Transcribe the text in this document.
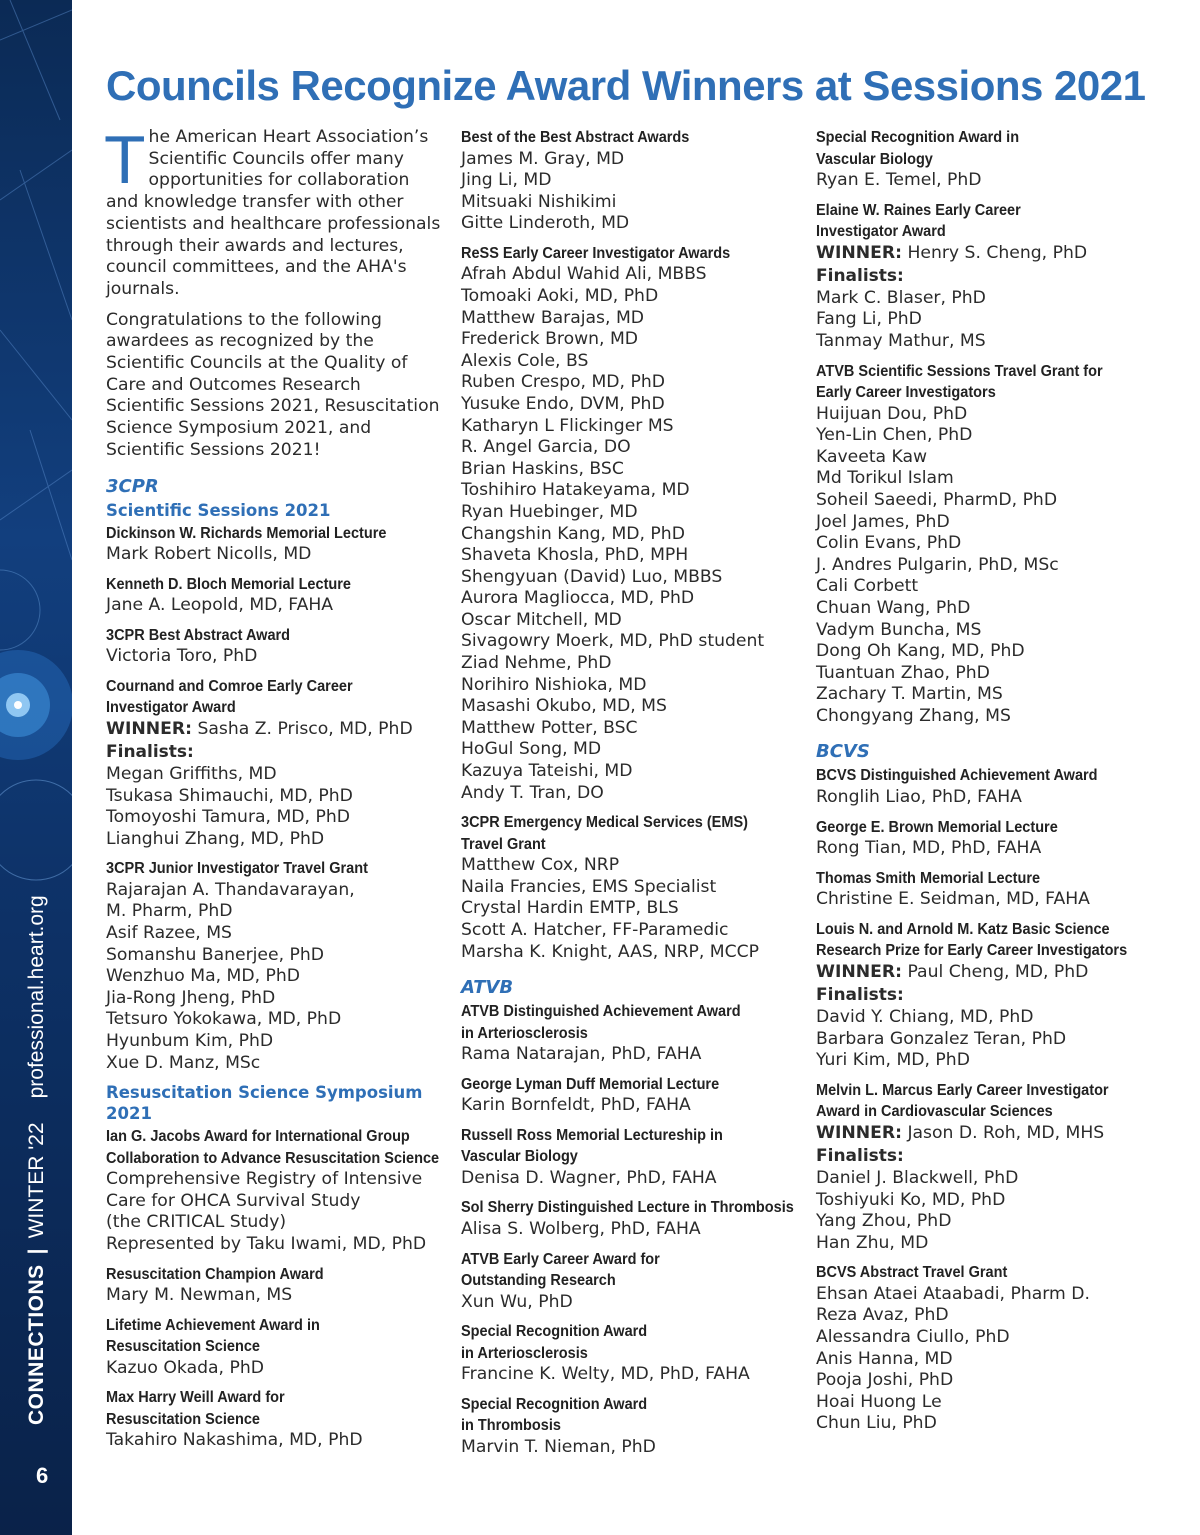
CONNECTIONS|WINTER '22professional.heart.org
6
Councils Recognize Award Winners at Sessions 2021

The American Heart Association’s Scientific Councils offer many opportunities for collaboration and knowledge transfer with other scientists and healthcare professionals through their awards and lectures, council committees, and the AHA's journals.

Congratulations to the following awardees as recognized by the Scientific Councils at the Quality of Care and Outcomes Research Scientific Sessions 2021, Resuscitation Science Symposium 2021, and Scientific Sessions 2021!

3CPR
Scientific Sessions 2021
Dickinson W. Richards Memorial Lecture
Mark Robert Nicolls, MD
Kenneth D. Bloch Memorial Lecture
Jane A. Leopold, MD, FAHA
3CPR Best Abstract Award
Victoria Toro, PhD
Cournand and Comroe Early Career
Investigator Award
WINNER: Sasha Z. Prisco, MD, PhD
Finalists:
Megan Griffiths, MD
Tsukasa Shimauchi, MD, PhD
Tomoyoshi Tamura, MD, PhD
Lianghui Zhang, MD, PhD
3CPR Junior Investigator Travel Grant
Rajarajan A. Thandavarayan,
M. Pharm, PhD
Asif Razee, MS
Somanshu Banerjee, PhD
Wenzhuo Ma, MD, PhD
Jia-Rong Jheng, PhD
Tetsuro Yokokawa, MD, PhD
Hyunbum Kim, PhD
Xue D. Manz, MSc
Resuscitation Science Symposium 2021
Ian G. Jacobs Award for International Group
Collaboration to Advance Resuscitation Science
Comprehensive Registry of Intensive
Care for OHCA Survival Study
(the CRITICAL Study)
Represented by Taku Iwami, MD, PhD
Resuscitation Champion Award
Mary M. Newman, MS
Lifetime Achievement Award in
Resuscitation Science
Kazuo Okada, PhD
Max Harry Weill Award for
Resuscitation Science
Takahiro Nakashima, MD, PhD
Best of the Best Abstract Awards
James M. Gray, MD
Jing Li, MD
Mitsuaki Nishikimi
Gitte Linderoth, MD
ReSS Early Career Investigator Awards
Afrah Abdul Wahid Ali, MBBS
Tomoaki Aoki, MD, PhD
Matthew Barajas, MD
Frederick Brown, MD
Alexis Cole, BS
Ruben Crespo, MD, PhD
Yusuke Endo, DVM, PhD
Katharyn L Flickinger MS
R. Angel Garcia, DO
Brian Haskins, BSC
Toshihiro Hatakeyama, MD
Ryan Huebinger, MD
Changshin Kang, MD, PhD
Shaveta Khosla, PhD, MPH
Shengyuan (David) Luo, MBBS
Aurora Magliocca, MD, PhD
Oscar Mitchell, MD
Sivagowry Moerk, MD, PhD student
Ziad Nehme, PhD
Norihiro Nishioka, MD
Masashi Okubo, MD, MS
Matthew Potter, BSC
HoGul Song, MD
Kazuya Tateishi, MD
Andy T. Tran, DO
3CPR Emergency Medical Services (EMS)
Travel Grant
Matthew Cox, NRP
Naila Francies, EMS Specialist
Crystal Hardin EMTP, BLS
Scott A. Hatcher, FF-Paramedic
Marsha K. Knight, AAS, NRP, MCCP
ATVB
ATVB Distinguished Achievement Award
in Arteriosclerosis
Rama Natarajan, PhD, FAHA
George Lyman Duff Memorial Lecture
Karin Bornfeldt, PhD, FAHA
Russell Ross Memorial Lectureship in
Vascular Biology
Denisa D. Wagner, PhD, FAHA
Sol Sherry Distinguished Lecture in Thrombosis
Alisa S. Wolberg, PhD, FAHA
ATVB Early Career Award for
Outstanding Research
Xun Wu, PhD
Special Recognition Award
in Arteriosclerosis
Francine K. Welty, MD, PhD, FAHA
Special Recognition Award
in Thrombosis
Marvin T. Nieman, PhD
Special Recognition Award in
Vascular Biology
Ryan E. Temel, PhD
Elaine W. Raines Early Career
Investigator Award
WINNER: Henry S. Cheng, PhD
Finalists:
Mark C. Blaser, PhD
Fang Li, PhD
Tanmay Mathur, MS
ATVB Scientific Sessions Travel Grant for
Early Career Investigators
Huijuan Dou, PhD
Yen-Lin Chen, PhD
Kaveeta Kaw
Md Torikul Islam
Soheil Saeedi, PharmD, PhD
Joel James, PhD
Colin Evans, PhD
J. Andres Pulgarin, PhD, MSc
Cali Corbett
Chuan Wang, PhD
Vadym Buncha, MS
Dong Oh Kang, MD, PhD
Tuantuan Zhao, PhD
Zachary T. Martin, MS
Chongyang Zhang, MS
BCVS
BCVS Distinguished Achievement Award
Ronglih Liao, PhD, FAHA
George E. Brown Memorial Lecture
Rong Tian, MD, PhD, FAHA
Thomas Smith Memorial Lecture
Christine E. Seidman, MD, FAHA
Louis N. and Arnold M. Katz Basic Science
Research Prize for Early Career Investigators
WINNER: Paul Cheng, MD, PhD
Finalists:
David Y. Chiang, MD, PhD
Barbara Gonzalez Teran, PhD
Yuri Kim, MD, PhD
Melvin L. Marcus Early Career Investigator
Award in Cardiovascular Sciences
WINNER: Jason D. Roh, MD, MHS
Finalists:
Daniel J. Blackwell, PhD
Toshiyuki Ko, MD, PhD
Yang Zhou, PhD
Han Zhu, MD
BCVS Abstract Travel Grant
Ehsan Ataei Ataabadi, Pharm D.
Reza Avaz, PhD
Alessandra Ciullo, PhD
Anis Hanna, MD
Pooja Joshi, PhD
Hoai Huong Le
Chun Liu, PhD
